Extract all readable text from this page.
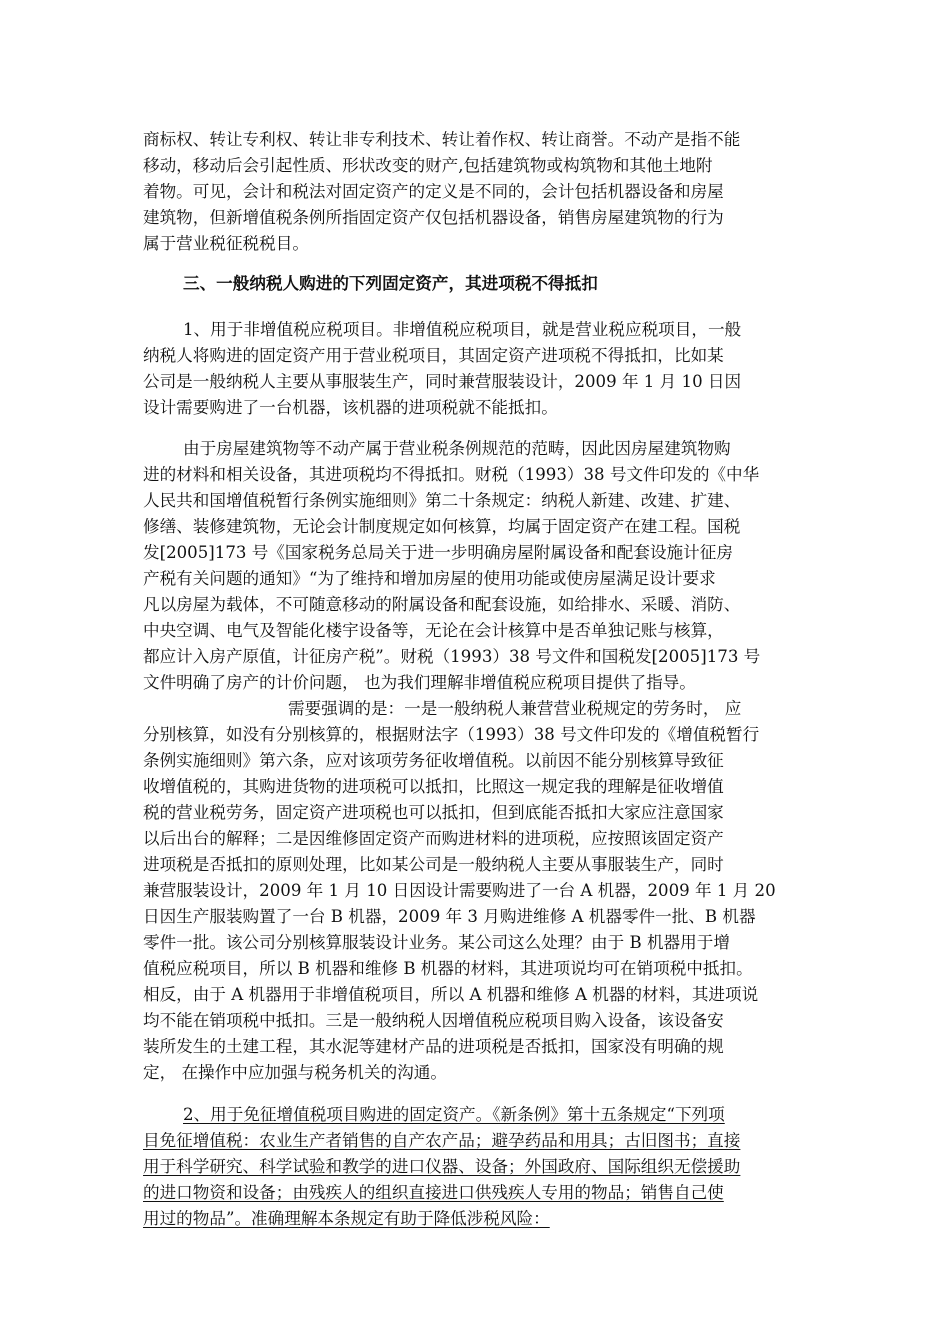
商标权、转让专利权、转让非专利技术、转让着作权、转让商誉。不动产是指不能
移动，移动后会引起性质、形状改变的财产,包括建筑物或构筑物和其他土地附
着物。可见，会计和税法对固定资产的定义是不同的，会计包括机器设备和房屋
建筑物，但新增值税条例所指固定资产仅包括机器设备，销售房屋建筑物的行为
属于营业税征税税目。
三、一般纳税人购进的下列固定资产，其进项税不得抵扣
1、用于非增值税应税项目。非增值税应税项目，就是营业税应税项目，一般
纳税人将购进的固定资产用于营业税项目，其固定资产进项税不得抵扣，比如某
公司是一般纳税人主要从事服装生产，同时兼营服装设计，2009 年 1 月 10 日因
设计需要购进了一台机器，该机器的进项税就不能抵扣。
由于房屋建筑物等不动产属于营业税条例规范的范畴，因此因房屋建筑物购
进的材料和相关设备，其进项税均不得抵扣。财税（1993）38 号文件印发的《中华
人民共和国增值税暂行条例实施细则》第二十条规定：纳税人新建、改建、扩建、
修缮、装修建筑物，无论会计制度规定如何核算，均属于固定资产在建工程。国税
发[2005]173 号《国家税务总局关于进一步明确房屋附属设备和配套设施计征房
产税有关问题的通知》“为了维持和增加房屋的使用功能或使房屋满足设计要求
凡以房屋为载体，不可随意移动的附属设备和配套设施，如给排水、采暖、消防、
中央空调、电气及智能化楼宇设备等，无论在会计核算中是否单独记账与核算，
都应计入房产原值，计征房产税”。财税（1993）38 号文件和国税发[2005]173 号
文件明确了房产的计价问题， 也为我们理解非增值税应税项目提供了指导。
需要强调的是：一是一般纳税人兼营营业税规定的劳务时， 应
分别核算，如没有分别核算的，根据财法字（1993）38 号文件印发的《增值税暂行
条例实施细则》第六条，应对该项劳务征收增值税。以前因不能分别核算导致征
收增值税的，其购进货物的进项税可以抵扣，比照这一规定我的理解是征收增值
税的营业税劳务，固定资产进项税也可以抵扣，但到底能否抵扣大家应注意国家
以后出台的解释；二是因维修固定资产而购进材料的进项税，应按照该固定资产
进项税是否抵扣的原则处理，比如某公司是一般纳税人主要从事服装生产，同时
兼营服装设计，2009 年 1 月 10 日因设计需要购进了一台 A 机器，2009 年 1 月 20
日因生产服装购置了一台 B 机器，2009 年 3 月购进维修 A 机器零件一批、B 机器
零件一批。该公司分别核算服装设计业务。某公司这么处理？由于 B 机器用于增
值税应税项目，所以 B 机器和维修 B 机器的材料，其进项说均可在销项税中抵扣。
相反，由于 A 机器用于非增值税项目，所以 A 机器和维修 A 机器的材料，其进项说
均不能在销项税中抵扣。三是一般纳税人因增值税应税项目购入设备，该设备安
装所发生的土建工程，其水泥等建材产品的进项税是否抵扣，国家没有明确的规
定， 在操作中应加强与税务机关的沟通。
2、用于免征增值税项目购进的固定资产。《新条例》第十五条规定“下列项
目免征增值税：农业生产者销售的自产农产品；避孕药品和用具；古旧图书；直接
用于科学研究、科学试验和教学的进口仪器、设备；外国政府、国际组织无偿援助
的进口物资和设备；由残疾人的组织直接进口供残疾人专用的物品；销售自己使
用过的物品”。准确理解本条规定有助于降低涉税风险：
